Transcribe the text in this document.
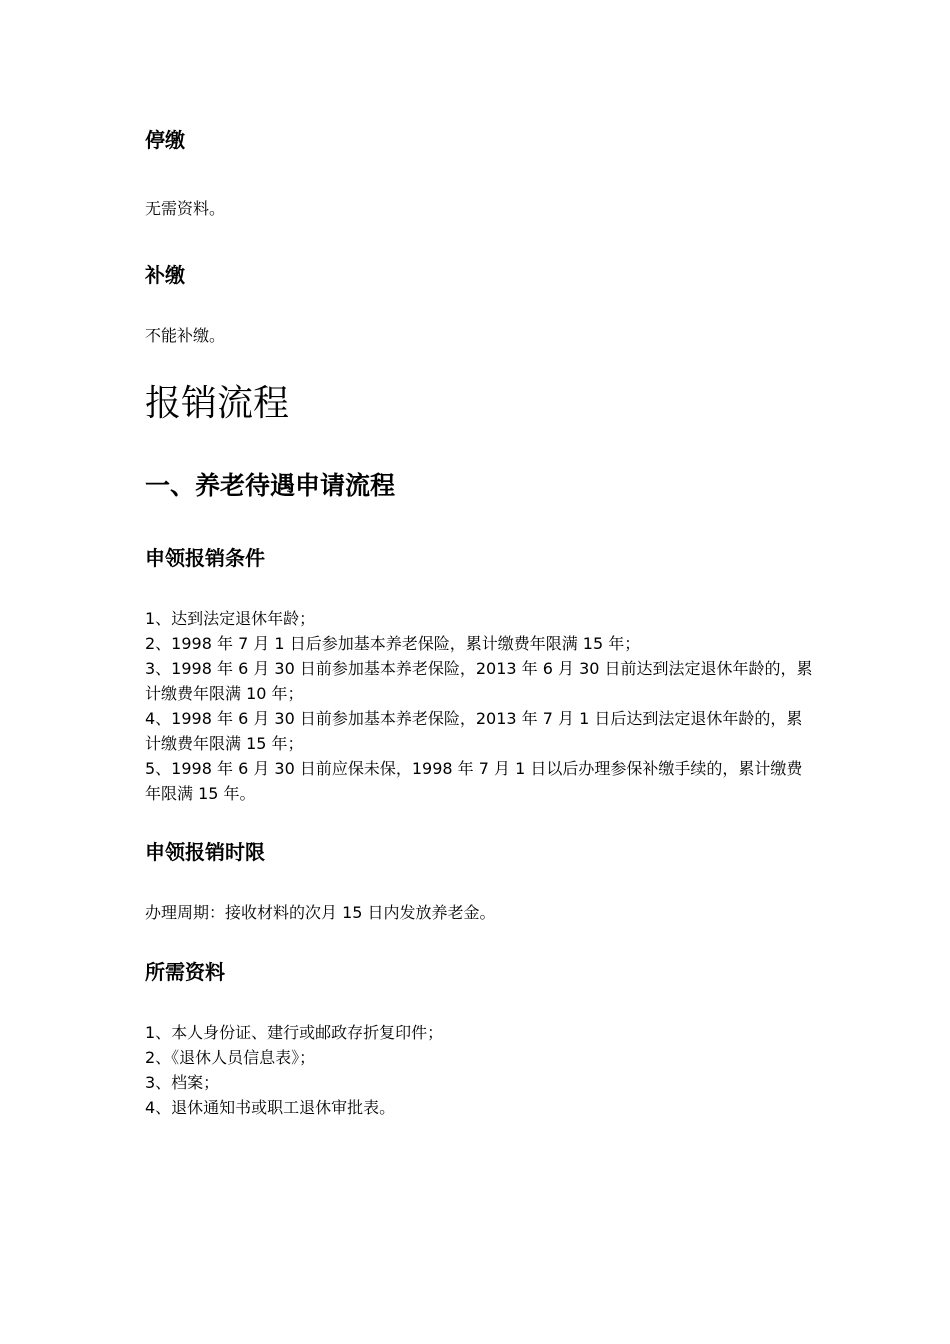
停缴
无需资料。
补缴
不能补缴。
报销流程
一、养老待遇申请流程
申领报销条件
1、达到法定退休年龄；
2、1998 年 7 月 1 日后参加基本养老保险，累计缴费年限满 15 年；
3、1998 年 6 月 30 日前参加基本养老保险，2013 年 6 月 30 日前达到法定退休年龄的，累计缴费年限满 10 年；
4、1998 年 6 月 30 日前参加基本养老保险，2013 年 7 月 1 日后达到法定退休年龄的，累计缴费年限满 15 年；
5、1998 年 6 月 30 日前应保未保，1998 年 7 月 1 日以后办理参保补缴手续的，累计缴费年限满 15 年。
申领报销时限
办理周期：接收材料的次月 15 日内发放养老金。
所需资料
1、本人身份证、建行或邮政存折复印件；
2、《退休人员信息表》；
3、档案；
4、退休通知书或职工退休审批表。
